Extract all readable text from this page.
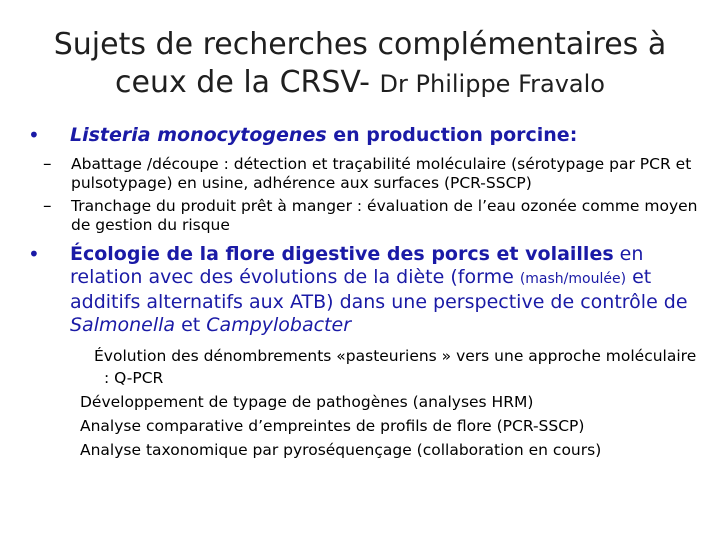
Sujets de recherches complémentaires à ceux de la CRSV- Dr Philippe Fravalo
• Listeria monocytogenes en production porcine:
– Abattage /découpe : détection et traçabilité moléculaire (sérotypage par PCR et pulsotypage) en usine, adhérence aux surfaces (PCR-SSCP)
– Tranchage du produit prêt à manger : évaluation de l’eau ozonée comme moyen de gestion du risque
• Écologie de la flore digestive des porcs et volailles en relation avec des évolutions de la diète (forme (mash/moulée) et additifs alternatifs aux ATB) dans une perspective de contrôle de Salmonella et Campylobacter
Évolution des dénombrements «pasteuriens » vers une approche moléculaire : Q-PCR
Développement de typage de pathogènes (analyses HRM)
Analyse comparative d’empreintes de profils de flore (PCR-SSCP)
Analyse taxonomique par pyroséquençage (collaboration en cours)
